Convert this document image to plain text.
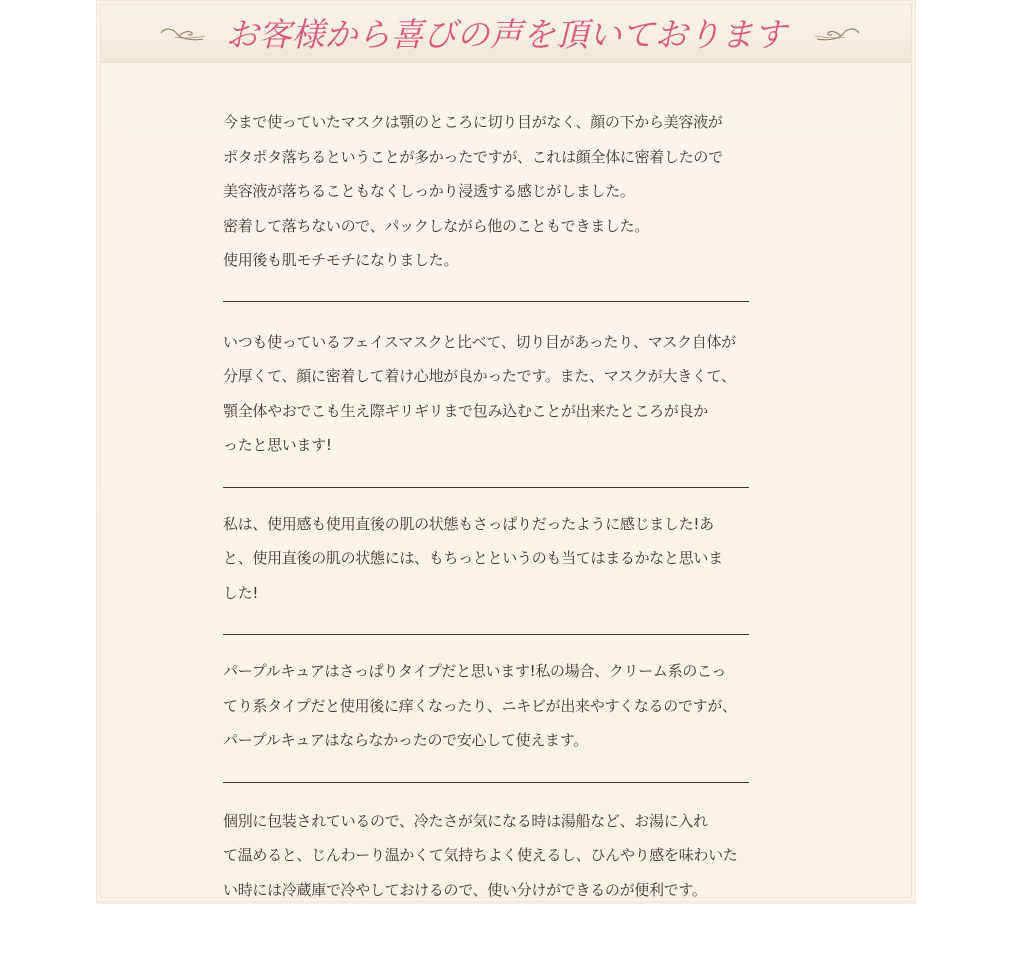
お客様から喜びの声を頂いております

今まで使っていたマスクは顎のところに切り目がなく、顔の下から美容液が

ポタポタ落ちるということが多かったですが、これは顔全体に密着したので

美容液が落ちることもなくしっかり浸透する感じがしました。

密着して落ちないので、パックしながら他のこともできました。

使用後も肌モチモチになりました。

いつも使っているフェイスマスクと比べて、切り目があったり、マスク自体が

分厚くて、顔に密着して着け心地が良かったです。また、マスクが大きくて、

顎全体やおでこも生え際ギリギリまで包み込むことが出来たところが良か

ったと思います!

私は、使用感も使用直後の肌の状態もさっぱりだったように感じました!あ

と、使用直後の肌の状態には、もちっとというのも当てはまるかなと思いま

した!

パープルキュアはさっぱりタイプだと思います!私の場合、クリーム系のこっ

てり系タイプだと使用後に痒くなったり、ニキビが出来やすくなるのですが、

パープルキュアはならなかったので安心して使えます。

個別に包装されているので、冷たさが気になる時は湯船など、お湯に入れ

て温めると、じんわーり温かくて気持ちよく使えるし、ひんやり感を味わいた

い時には冷蔵庫で冷やしておけるので、使い分けができるのが便利です。
